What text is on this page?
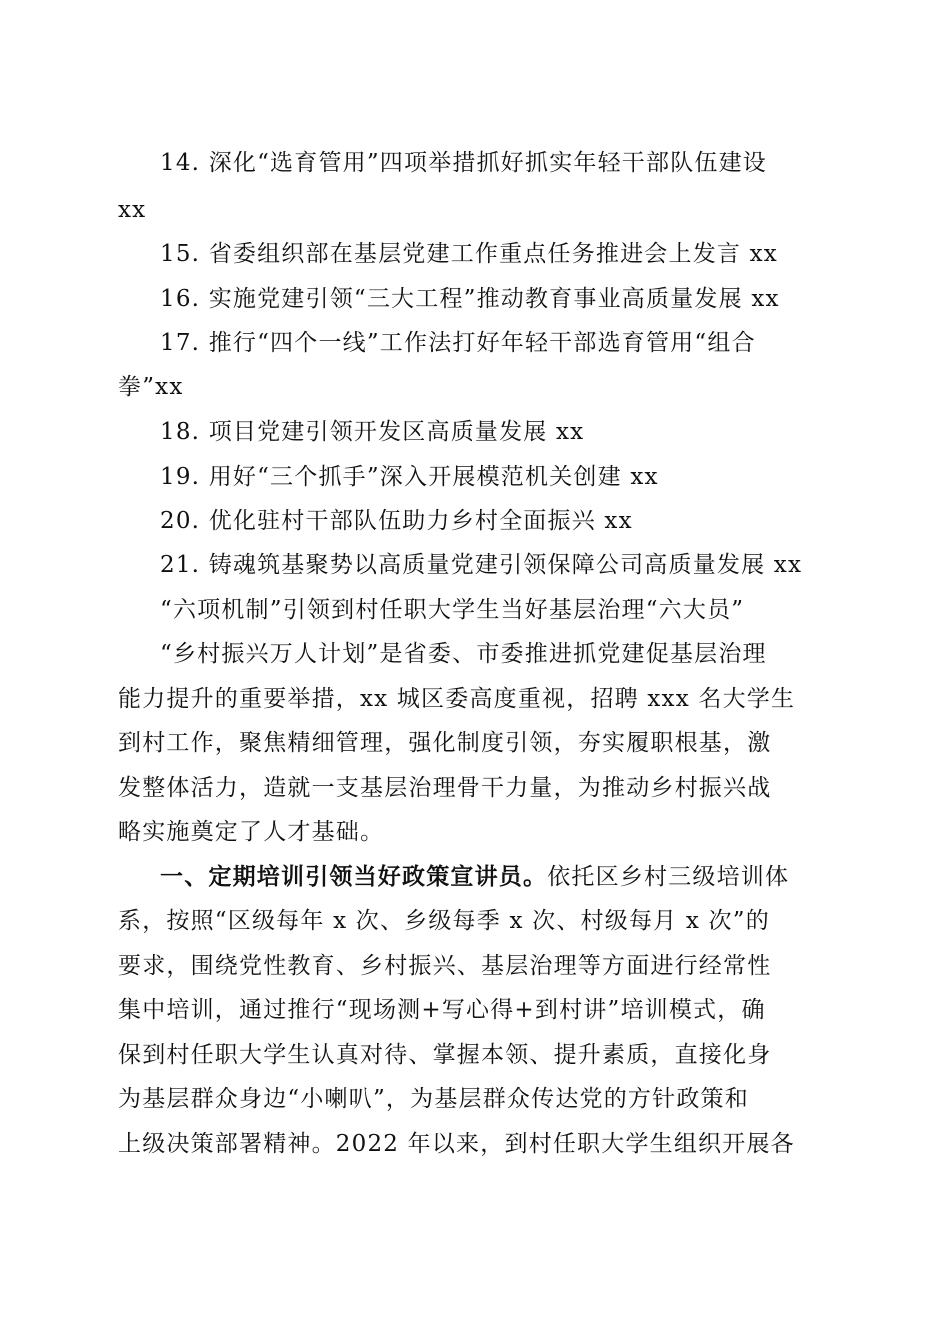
14. 深化“选育管用”四项举措抓好抓实年轻干部队伍建设
xx
15. 省委组织部在基层党建工作重点任务推进会上发言 xx
16. 实施党建引领“三大工程”推动教育事业高质量发展 xx
17. 推行“四个一线”工作法打好年轻干部选育管用“组合
拳”xx
18. 项目党建引领开发区高质量发展 xx
19. 用好“三个抓手”深入开展模范机关创建 xx
20. 优化驻村干部队伍助力乡村全面振兴 xx
21. 铸魂筑基聚势以高质量党建引领保障公司高质量发展 xx
“六项机制”引领到村任职大学生当好基层治理“六大员”
“乡村振兴万人计划”是省委、市委推进抓党建促基层治理
能力提升的重要举措，xx 城区委高度重视，招聘 xxx 名大学生
到村工作，聚焦精细管理，强化制度引领，夯实履职根基，激
发整体活力，造就一支基层治理骨干力量，为推动乡村振兴战
略实施奠定了人才基础。
一、定期培训引领当好政策宣讲员。依托区乡村三级培训体
系，按照“区级每年 x 次、乡级每季 x 次、村级每月 x 次”的
要求，围绕党性教育、乡村振兴、基层治理等方面进行经常性
集中培训，通过推行“现场测+写心得+到村讲”培训模式，确
保到村任职大学生认真对待、掌握本领、提升素质，直接化身
为基层群众身边“小喇叭”，为基层群众传达党的方针政策和
上级决策部署精神。2022 年以来，到村任职大学生组织开展各
